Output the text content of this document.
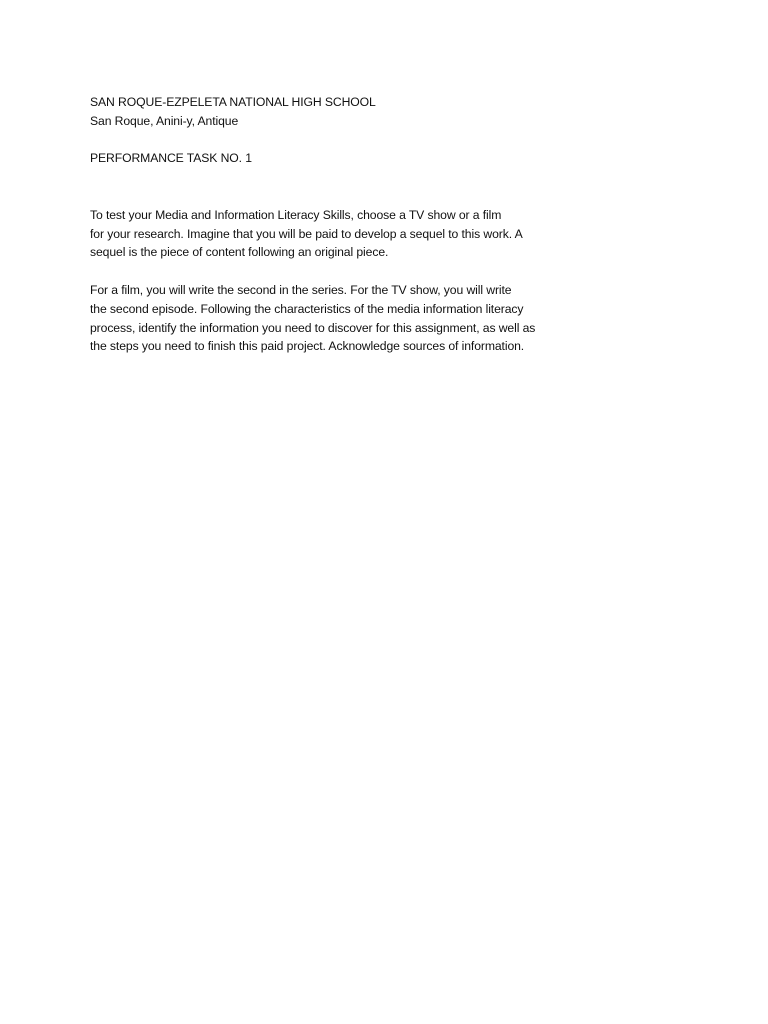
SAN ROQUE-EZPELETA NATIONAL HIGH SCHOOL
San Roque, Anini-y, Antique
PERFORMANCE TASK NO. 1
To test your Media and Information Literacy Skills, choose a TV show or a film
for your research. Imagine that you will be paid to develop a sequel to this work. A
sequel is the piece of content following an original piece.
For a film, you will write the second in the series. For the TV show, you will write
the second episode. Following the characteristics of the media information literacy
process, identify the information you need to discover for this assignment, as well as
the steps you need to finish this paid project. Acknowledge sources of information.
